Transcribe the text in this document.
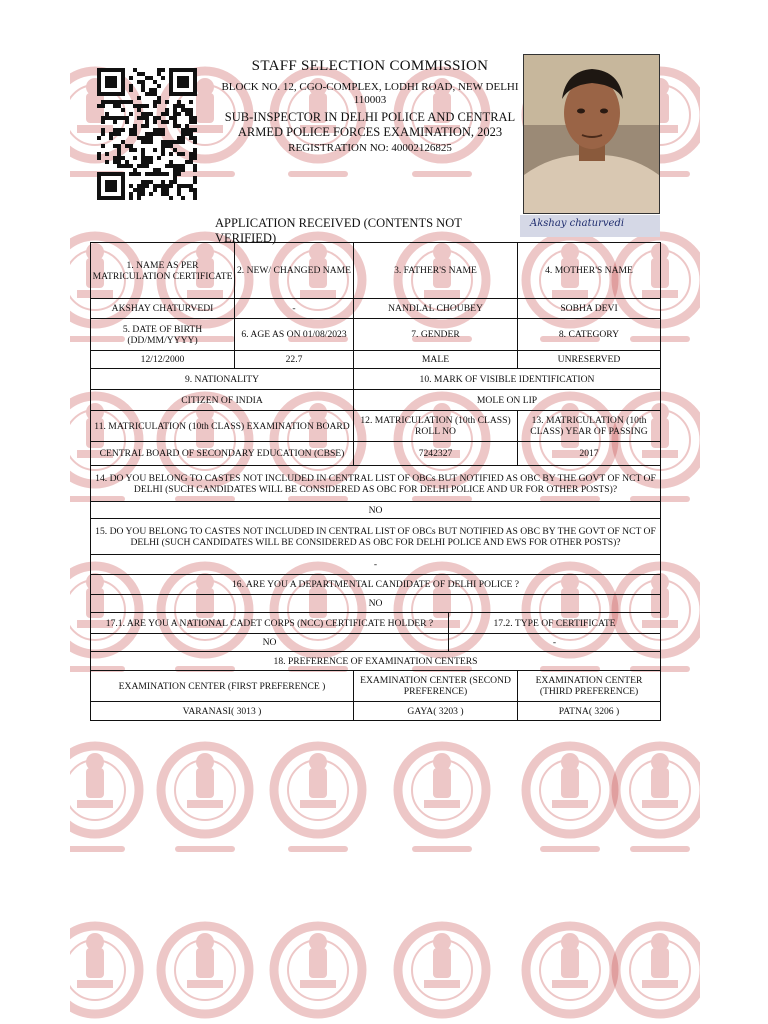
STAFF SELECTION COMMISSION
BLOCK NO. 12, CGO-COMPLEX, LODHI ROAD, NEW DELHI 110003
SUB-INSPECTOR IN DELHI POLICE AND CENTRAL ARMED POLICE FORCES EXAMINATION, 2023
REGISTRATION NO: 40002126825
Akshay chaturvedi
APPLICATION RECEIVED (CONTENTS NOT VERIFIED)
1. NAME AS PER MATRICULATION CERTIFICATE	2. NEW/ CHANGED NAME	3. FATHER'S NAME		4. MOTHER'S NAME
AKSHAY CHATURVEDI	-	NANDLAL CHOUBEY		SOBHA DEVI
5. DATE OF BIRTH (DD/MM/YYYY)	6. AGE AS ON 01/08/2023	7. GENDER		8. CATEGORY
12/12/2000	22.7	MALE		UNRESERVED
9. NATIONALITY		10. MARK OF VISIBLE IDENTIFICATION		
CITIZEN OF INDIA		MOLE ON LIP		
11. MATRICULATION (10th CLASS) EXAMINATION BOARD		12. MATRICULATION (10th CLASS) ROLL NO		13. MATRICULATION (10th CLASS) YEAR OF PASSING
CENTRAL BOARD OF SECONDARY EDUCATION (CBSE)		7242327		2017
14. DO YOU BELONG TO CASTES NOT INCLUDED IN CENTRAL LIST OF OBCs BUT NOTIFIED AS OBC BY THE GOVT OF NCT OF DELHI (SUCH CANDIDATES WILL BE CONSIDERED AS OBC FOR DELHI POLICE AND UR FOR OTHER POSTS)?				
NO				
15. DO YOU BELONG TO CASTES NOT INCLUDED IN CENTRAL LIST OF OBCs BUT NOTIFIED AS OBC BY THE GOVT OF NCT OF DELHI (SUCH CANDIDATES WILL BE CONSIDERED AS OBC FOR DELHI POLICE AND EWS FOR OTHER POSTS)?				
-				
16. ARE YOU A DEPARTMENTAL CANDIDATE OF DELHI POLICE ?				
NO				
17.1. ARE YOU A NATIONAL CADET CORPS (NCC) CERTIFICATE HOLDER ?			17.2. TYPE OF CERTIFICATE	
NO			-	
18. PREFERENCE OF EXAMINATION CENTERS				
EXAMINATION CENTER (FIRST PREFERENCE )		EXAMINATION CENTER (SECOND PREFERENCE)		EXAMINATION CENTER (THIRD PREFERENCE)
VARANASI( 3013 )		GAYA( 3203 )		PATNA( 3206 )
